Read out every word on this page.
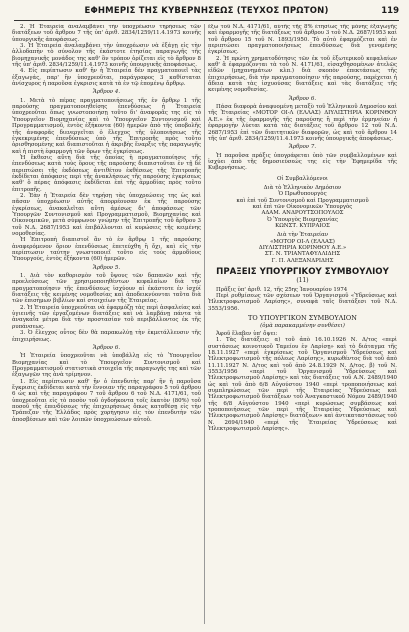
ΕΦΗΜΕΡΙΣ ΤΗΣ ΚΥΒΕΡΝΗΣΕΩΣ (ΤΕΥΧΟΣ ΠΡΩΤΟΝ)	119

2. Ἡ Ἑταιρεία ἀναλαμβάνει τὴν ὑποχρέωσιν τηρήσεως τῶν διατάξεων τοῦ ἄρθρου 7 τῆς ὑπ' ἀριθ. 2834/1259/11.4.1973 κοινῆς ὑπουργικῆς ἀποφάσεως.

3. Ἡ Ἑταιρεία ἀναλαμβάνει τὴν ὑποχρέωσιν νὰ ἐξάγῃ εἰς τὴν ἀλλοδαπὴν τὸ σύνολον τῆς ἐκάστοτε ἐτησίας παραγωγῆς τῆς βιομηχανικῆς μονάδος της καθ' ὃν τρόπον ὁρίζεται εἰς τὸ ἄρθρον 8 τῆς ὑπ' ἀριθ. 2834/1259/11.4.1973 κοινῆς ὑπουργικῆς ἀποφάσεως.

4. Εἰς περίπτωσιν καθ' ἣν ἡ Ἑταιρεία δὲν πραγματοποιεῖ τὰς ἐξαγωγάς, παρ' ἣν ὑποχρεοῦται, παράγραφος 3 καθίσταται ἀνίσχυρος ἡ παροῦσα ἐγκρισις κατὰ τὰ ἐν τῷ ἐπομένῳ ἄρθρῳ.

Ἄρθρον 4.

1. Μετὰ τὸ πέρας πραγματοποιήσεως τῆς ἐν ἄρθρῳ 1 τῆς παρούσης πραγματοποιηθείσης ἐπενδύσεως ἡ Ἑταιρεία ὑποχρεοῦται ὅπως γνωστοποιήσῃ τοῦτο δι' ἀναφορᾶς της εἰς τὸ Ὑπουργεῖον Βιομηχανίας καὶ τὸ Ὑπουργεῖον Συντονισμοῦ καὶ Προγραμματισμοῦ, ἐντὸς ἑξήκοντα (60) ἡμερῶν ἀπὸ τῆς ὑποβολῆς τῆς ἀναφορᾶς διενεργεῖται ὁ ἔλεγχος τῆς ὑλοποιήσεως τῆς ἐγκεκριμένης ἐπενδύσεως ὑπὸ τῆς Ἐπιτροπῆς πρὸς τοῦτο ὁρισθησομένης καὶ διαπιστοῦται ἡ ἀκριβὴς ἔναρξις τῆς παραγωγῆς καὶ ἡ πιστὴ ἐφαρμογὴ τῶν ὅρων τῆς ἐγκρίσεως.

Ἡ ἔκθεσις αὕτη διὰ τῆς ὁποίας ἡ πραγματοποίησις τῆς ἐπενδύσεως κατὰ τοὺς ὅρους τῆς παρούσης διαπιστοῦται ἐν τῇ δὲ περιπτώσει τῆς ἐκδόσεως ἀντιθέτου ἐκθέσεως τῆς Ἐπιτροπῆς ἐκδίδεται ἀπόφασις περὶ τῆς ἀνακλήσεως τῆς παρούσης ἐγκρίσεως καθ' ὃ πέρας ἀπόφασις ἐκδίδεται ἐπὶ τῆς ἀρμοδίας πρὸς τοῦτο ἐπιτροπῆς.

2. Ἐὰν ἡ Ἑταιρεία δὲν τηρήσῃ τὰς ὑποχρεώσεις της ὡς καὶ πᾶσαν ὑποχρέωσιν αὐτῆς ἀπορρέουσαν ἐκ τῆς παρούσης ἐγκρίσεως, ἀνακαλεῖται αὕτη ἀμέσως δι' ἀποφάσεως τῶν Ὑπουργῶν Συντονισμοῦ καὶ Προγραμματισμοῦ, Βιομηχανίας καὶ Οἰκονομικῶν, μετὰ σύμφωνον γνώμην τῆς Ἐπιτροπῆς τοῦ ἄρθρου 3 τοῦ Ν.Δ. 2687/1953 καὶ ἐπιβάλλονται αἱ κυρώσεις τῆς κειμένης νομοθεσίας.

Ἡ Ἐπιτροπὴ διαπιστοῖ ἂν τὸ ἐν ἄρθρῳ 1 τῆς παρούσης ἀναφερόμενον ὅριον ἐπενδύσεως ἐπετεύχθη ἢ ὄχι, καὶ εἰς τὴν περίπτωσιν ταύτην γνωστοποιεῖ τοῦτο εἰς τοὺς ἁρμοδίους Ὑπουργούς, ἐντὸς ἑξήκοντα (60) ἡμερῶν.

Ἄρθρον 5.

1. Διὰ τὸν καθορισμὸν τοῦ ὕψους τῶν δαπανῶν καὶ τῆς προελεύσεως τῶν χρησιμοποιηθέντων κεφαλαίων διὰ τὴν πραγματοποίησιν τῆς ἐπενδύσεως ἰσχύουν αἱ ἐκάστοτε ἐν ἰσχύϊ διατάξεις τῆς κειμένης νομοθεσίας καὶ ἀποδεικνύονται ταῦτα διὰ τῶν ἐπισήμων βιβλίων καὶ στοιχείων τῆς Ἑταιρείας.

2. Ἡ Ἑταιρεία ὑποχρεοῦται νὰ ἐφαρμόζῃ τὰς περὶ ἀσφαλείας καὶ ὑγιεινῆς τῶν ἐργαζομένων διατάξεις καὶ νὰ λαμβάνῃ πάντα τὰ ἀναγκαῖα μέτρα διὰ τὴν προστασίαν τοῦ περιβάλλοντος ἐκ τῆς ρυπάνσεως.

3. Ὁ ἔλεγχος οὗτος δὲν θὰ παρακωλύῃ τὴν ἐκμετάλλευσιν τῆς ἐπιχειρήσεως.

Ἄρθρον 6.

Ἡ Ἑταιρεία ὑποχρεοῦται νὰ ὑποβάλλῃ εἰς τὸ Ὑπουργεῖον Βιομηχανίας καὶ τὸ Ὑπουργεῖον Συντονισμοῦ καὶ Προγραμματισμοῦ στατιστικὰ στοιχεῖα τῆς παραγωγῆς της καὶ τῶν ἐξαγωγῶν της ἀνὰ τρίμηνον.

1. Εἰς περίπτωσιν καθ' ἣν ὁ ἐπενδυτὴς παρ' ἣν ἡ παροῦσα ἔγκρισις ἐκδίδεται κατὰ τὴν ἔννοιαν τῆς παραγράφου 5 τοῦ ἄρθρου 6 ὡς καὶ τῆς παραγράφου 7 τοῦ ἄρθρου 6 τοῦ Ν.Δ. 4171/61, τοῦ ὑποχρεοῦται εἰς τὸ ποσὸν τοῦ ὀγδοήκοντα τοῖς ἑκατὸν (80%) τοῦ ποσοῦ τῆς ἐπενδύσεως τῆς ἐπιχειρήσεως ὅπως καταθέσῃ εἰς τὴν Τράπεζαν τῆς Ἑλλάδος πρὸς χορήγησιν εἰς τὸν ἐπενδυτὴν τῶν ἀποσβέσεων καὶ τῶν λοιπῶν ὑποχρεώσεων αὐτοῦ.

ἔξω τοῦ Ν.Δ. 4171/61, αὐτῆς τῆς 8% ἐτησίως τῆς μόνης ἐξαγωγῆς καὶ ἐφαρμογῆς τῆς διατάξεως τοῦ ἄρθρου 3 τοῦ Ν.Δ. 2687/1953 καὶ τοῦ ἄρθρου 15 τοῦ Ν. 1893/1950. Τὸ αὐτὸ ἐφαρμόζεται καὶ ἐν περιπτώσει πραγματοποιήσεως ἐπενδύσεως διὰ γενομένης ἐγκρίσεως.

2. Ἡ πρώτη χρηματοδότησις τῶν ἐκ τοῦ ἐξωτερικοῦ κεφαλαίων καθ' ἃ ἐφαρμόζονται τὰ τοῦ Ν. 4171/61, εἰσαχθησομένων ἀτελῶς εἰδῶν (μηχανημάτων κλπ.) διὰ σκοπὸν ἐπεκτάσεως τῆς ἐπιχειρήσεως, διὰ τὴν πραγματοποίησιν τῆς παρούσης, παρέχεται ἡ ἄδεια κατὰ τὰς ἰσχυούσας διατάξεις καὶ τὰς διατάξεις τῆς κειμένης νομοθεσίας.

Ἄρθρον 6.

Πάσα διαφορὰ ἀναφυομένη μεταξὺ τοῦ Ἑλληνικοῦ Δημοσίου καὶ τῆς Ἑταιρείας «ΜΟΤΟΡ ΟΙ-Λ (ΕΛΛΑΣ) ΔΙΥΛΙΣΤΗΡΙΑ ΚΟΡΙΝΘΟΥ Α.Ε.» ἐκ τῆς ἐφαρμογῆς τῆς παρούσης ἢ περὶ τὴν ἑρμηνείαν ἡ ἐφαρμογὴν λύεται κατὰ τὰς διατάξεις τοῦ ἄρθρου 12 τοῦ Ν.Δ. 2687/1953 ἐπὶ τῶν διαιτητικῶν διαφορῶν, ὡς καὶ τοῦ ἄρθρου 14 τῆς ὑπ' ἀριθ. 2834/1259/11.4.1973 κοινῆς ὑπουργικῆς ἀποφάσεως.

Ἄρθρον 7.

Ἡ παροῦσα πράξις ὑπογράφεται ὑπὸ τῶν συμβαλλομένων καὶ ἰσχύει ἀπὸ τῆς δημοσιεύσεώς της εἰς τὴν Ἐφημερίδα τῆς Κυβερνήσεως.

Οἱ Συμβαλλόμενοι
Διὰ τὸ Ἑλληνικὸν Δημόσιον
Ὁ Πρωθυπουργὸς
καὶ ἐπὶ τοῦ Συντονισμοῦ καὶ Προγραμματισμοῦ
καὶ ἐπὶ τῶν Οἰκονομικῶν Ὑπουργὸς
ΑΔΑΜ. ΑΝΔΡΟΥΤΣΟΠΟΥΛΟΣ
Ὁ Ὑπουργὸς Βιομηχανίας
ΚΩΝΣΤ. ΚΥΠΡΑΙΟΣ
Διὰ τὴν Ἑταιρείαν
«ΜΟΤΟΡ ΟΙ-Λ (ΕΛΛΑΣ)
ΔΙΥΛΙΣΤΗΡΙΑ ΚΟΡΙΝΘΟΥ Α.Ε.»
ΣΤ. Ν. ΤΡΙΑΝΤΑΦΥΛΛΙΔΗΣ
Γ. Π. ΑΛΕΞΑΝΔΡΙΔΗΣ
ΠΡΑΞΕΙΣ ΥΠΟΥΡΓΙΚΟΥ ΣΥΜΒΟΥΛΙΟΥ
(11)

Πρᾶξις ὑπ' ἀριθ. 12, τῆς 25ης Ἰανουαρίου 1974

Περὶ ρυθμίσεως τῶν σχέσεων τοῦ Ὀργανισμοῦ «Ὑδρεύσεως καὶ Ἠλεκτροφωτισμοῦ Λαρίσης», συναφὰ ταῖς διατάξεσι τοῦ Ν.Δ. 3553/1956.

ΤΟ ΥΠΟΥΡΓΙΚΟΝ ΣΥΜΒΟΥΛΙΟΝ
(ὁμὰ παρακαμμένην συνθέσει)

Ἀφοῦ ἔλαβεν ὑπ' ὄψει:

1. Τὰς διατάξεις: α) τοῦ ἀπὸ 16.10.1926 Ν. Δ/τος «περὶ συστάσεως κοινοτικοῦ Ταμείου ἐν Λαρίσῃ» καὶ τὸ διάταγμα τῆς 18.11.1927 «περὶ ἐγκρίσεως τοῦ Ὀργανισμοῦ Ὑδρεύσεως καὶ Ἠλεκτροφωτισμοῦ τῆς πόλεως Λαρίσης», κυρωθέντος διὰ τοῦ ἀπὸ 11.11.1927 Ν. Δ/τος καὶ τοῦ ἀπὸ 24.8.1929 Ν. Δ/τος. β) τοῦ Ν. 3553/1956 «περὶ τοῦ Ὀργανισμοῦ Ὑδρεύσεως καὶ Ἠλεκτροφωτισμοῦ Λαρίσης» καὶ τὰς διατάξεις τοῦ Α.Ν. 2489/1940 ὡς καὶ τοῦ ἀπὸ 6/8 Αὐγούστου 1940 «περὶ τροποποιήσεως καὶ συμπληρώσεως τῶν περὶ τῆς Ἑταιρείας Ὑδρεύσεως καὶ Ἠλεκτροφωτισμοῦ διατάξεων τοῦ Ἀναγκαστικοῦ Νόμου 2489/1940 τῆς 6/8 Αὐγούστου 1940 «περὶ κυρώσεως συμβάσεως καὶ τροποποιήσεως τῶν περὶ τῆς Ἑταιρείας Ὑδρεύσεως καὶ Ἠλεκτροφωτισμοῦ Λαρίσης» διατάξεων» καὶ ἀντικαταστάσεως τοῦ Ν. 2694/1940 «περὶ τῆς Ἑταιρείας Ὑδρεύσεως καὶ Ἠλεκτροφωτισμοῦ Λαρίσης».
